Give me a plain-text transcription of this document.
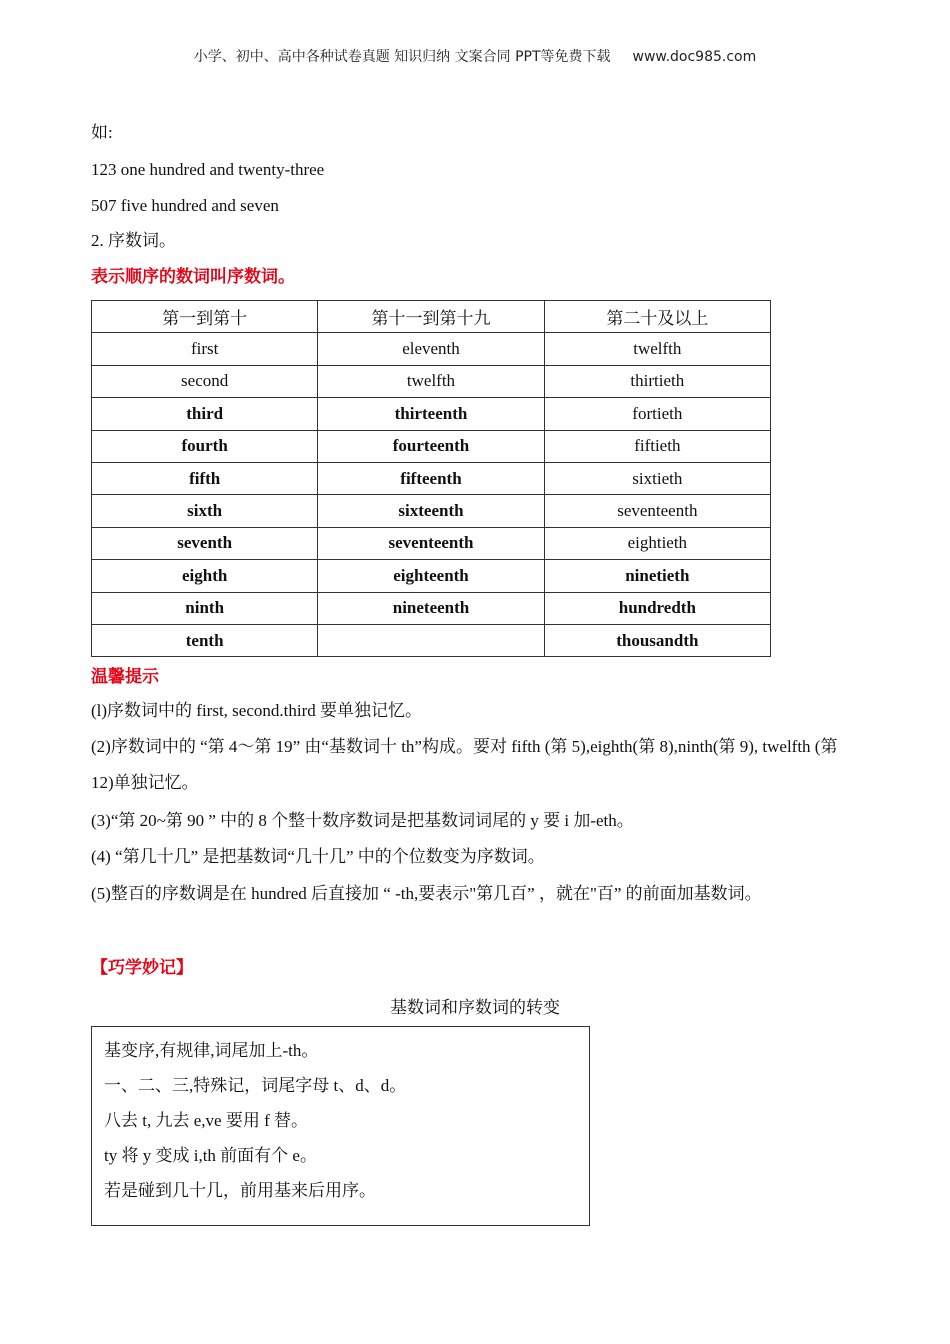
小学、初中、高中各种试卷真题 知识归纳 文案合同 PPT等免费下载 www.doc985.com
如:
123 one hundred and twenty-three
507 five hundred and seven
2. 序数词。
表示顺序的数词叫序数词。
第一到第十	第十一到第十九	第二十及以上
first	eleventh	twelfth
second	twelfth	thirtieth
third	thirteenth	fortieth
fourth	fourteenth	fiftieth
fifth	fifteenth	sixtieth
sixth	sixteenth	seventeenth
seventh	seventeenth	eightieth
eighth	eighteenth	ninetieth
ninth	nineteenth	hundredth
tenth		thousandth
温馨提示
(l)序数词中的 first, second.third 要单独记忆。
(2)序数词中的 “第 4～第 19” 由“基数词十 th”构成。要对 fifth (第 5),eighth(第 8),ninth(第 9), twelfth (第 12)单独记忆。
(3)“第 20~第 90 ” 中的 8 个整十数序数词是把基数词词尾的 y 要 i 加-eth。
(4) “第几十几” 是把基数词“几十几” 中的个位数变为序数词。
(5)整百的序数调是在 hundred 后直接加 “ -th,要表示"第几百” ，就在"百” 的前面加基数词。
【巧学妙记】
基数词和序数词的转变
基变序,有规律,词尾加上-th。
一、二、三,特殊记，词尾字母 t、d、d。
八去 t, 九去 e,ve 要用 f 替。
ty 将 y 变成 i,th 前面有个 e。
若是碰到几十几，前用基来后用序。
